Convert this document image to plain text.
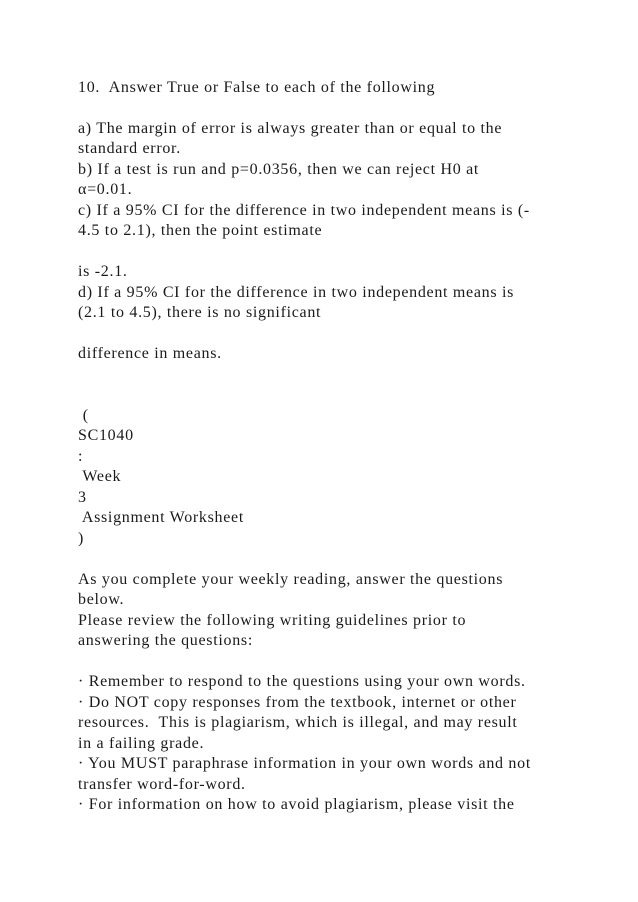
10.  Answer True or False to each of the following
a) The margin of error is always greater than or equal to the
standard error.
b) If a test is run and p=0.0356, then we can reject H0 at
α=0.01.
c) If a 95% CI for the difference in two independent means is (-
4.5 to 2.1), then the point estimate
is -2.1.
d) If a 95% CI for the difference in two independent means is
(2.1 to 4.5), there is no significant
difference in means.
(
SC1040
:
Week
3
Assignment Worksheet
)
As you complete your weekly reading, answer the questions
below.
Please review the following writing guidelines prior to
answering the questions:
· Remember to respond to the questions using your own words.
· Do NOT copy responses from the textbook, internet or other
resources.  This is plagiarism, which is illegal, and may result
in a failing grade.
· You MUST paraphrase information in your own words and not
transfer word-for-word.
· For information on how to avoid plagiarism, please visit the
